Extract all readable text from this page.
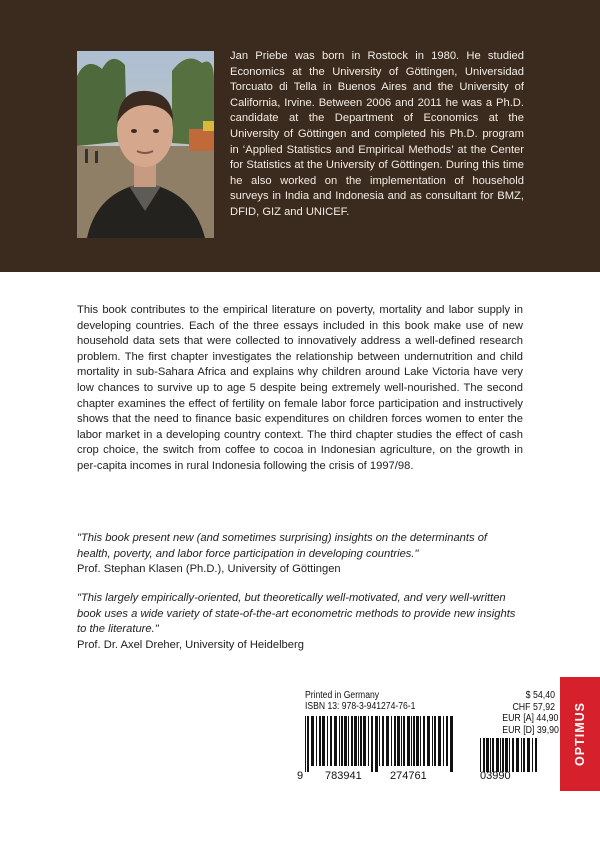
Jan Priebe was born in Rostock in 1980. He studied Economics at the University of Göttingen, Universidad Torcuato di Tella in Buenos Aires and the University of California, Irvine. Between 2006 and 2011 he was a Ph.D. candidate at the Department of Economics at the University of Göttingen and completed his Ph.D. program in ‘Applied Statistics and Empirical Methods’ at the Center for Statistics at the University of Göttingen. During this time he also worked on the implementation of household surveys in India and Indonesia and as consultant for BMZ, DFID, GIZ and UNICEF.

This book contributes to the empirical literature on poverty, mortality and labor supply in developing countries. Each of the three essays included in this book make use of new household data sets that were collected to innovatively address a well-defined research problem. The first chapter investigates the relationship between undernutrition and child mortality in sub-Sahara Africa and explains why children around Lake Victoria have very low chances to survive up to age 5 despite being extremely well-nourished. The second chapter examines the effect of fertility on female labor force participation and instructively shows that the need to finance basic expenditures on children forces women to enter the labor market in a developing country context. The third chapter studies the effect of cash crop choice, the switch from coffee to cocoa in Indonesian agriculture, on the growth in per-capita incomes in rural Indonesia following the crisis of 1997/98.

"This book present new (and sometimes surprising) insights on the determinants of health, poverty, and labor force participation in developing countries."
Prof. Stephan Klasen (Ph.D.), University of Göttingen
"This largely empirically-oriented, but theoretically well-motivated, and very well-written book uses a wide variety of state-of-the-art econometric methods to provide new insights to the literature."
Prof. Dr. Axel Dreher, University of Heidelberg
Printed in Germany
ISBN 13: 978-3-941274-76-1
9 783941	274761	03990
$ 54,40
CHF 57,92
EUR [A] 44,90
EUR [D] 39,90 OPTIMUS
